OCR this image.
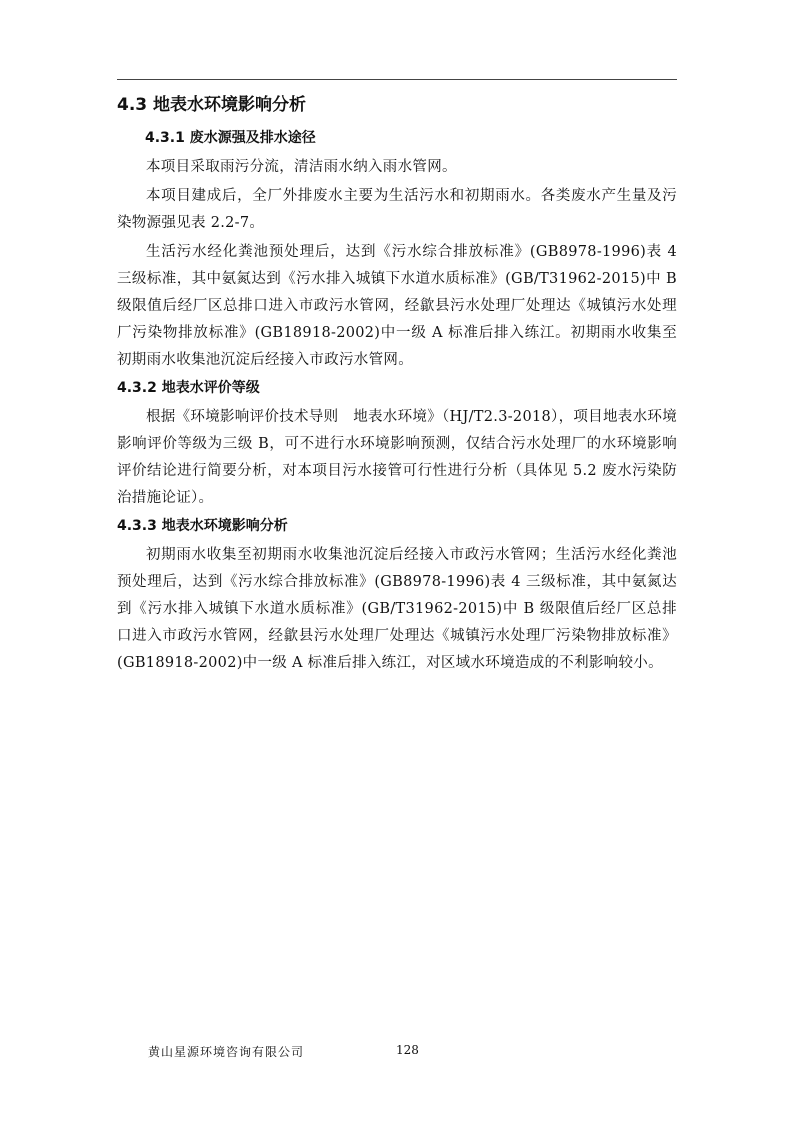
4.3 地表水环境影响分析
4.3.1 废水源强及排水途径

本项目采取雨污分流，清洁雨水纳入雨水管网。

本项目建成后，全厂外排废水主要为生活污水和初期雨水。各类废水产生量及污染物源强见表 2.2-7。

生活污水经化粪池预处理后，达到《污水综合排放标准》(GB8978-1996)表 4 三级标准，其中氨氮达到《污水排入城镇下水道水质标准》(GB/T31962-2015)中 B 级限值后经厂区总排口进入市政污水管网，经歙县污水处理厂处理达《城镇污水处理厂污染物排放标准》(GB18918-2002)中一级 A 标准后排入练江。初期雨水收集至初期雨水收集池沉淀后经接入市政污水管网。

4.3.2 地表水评价等级

根据《环境影响评价技术导则　地表水环境》（HJ/T2.3-2018），项目地表水环境影响评价等级为三级 B，可不进行水环境影响预测，仅结合污水处理厂的水环境影响评价结论进行简要分析，对本项目污水接管可行性进行分析（具体见 5.2 废水污染防治措施论证）。

4.3.3 地表水环境影响分析

初期雨水收集至初期雨水收集池沉淀后经接入市政污水管网；生活污水经化粪池预处理后，达到《污水综合排放标准》(GB8978-1996)表 4 三级标准，其中氨氮达到《污水排入城镇下水道水质标准》(GB/T31962-2015)中 B 级限值后经厂区总排口进入市政污水管网，经歙县污水处理厂处理达《城镇污水处理厂污染物排放标准》(GB18918-2002)中一级 A 标准后排入练江，对区域水环境造成的不利影响较小。

黄山星源环境咨询有限公司	128
